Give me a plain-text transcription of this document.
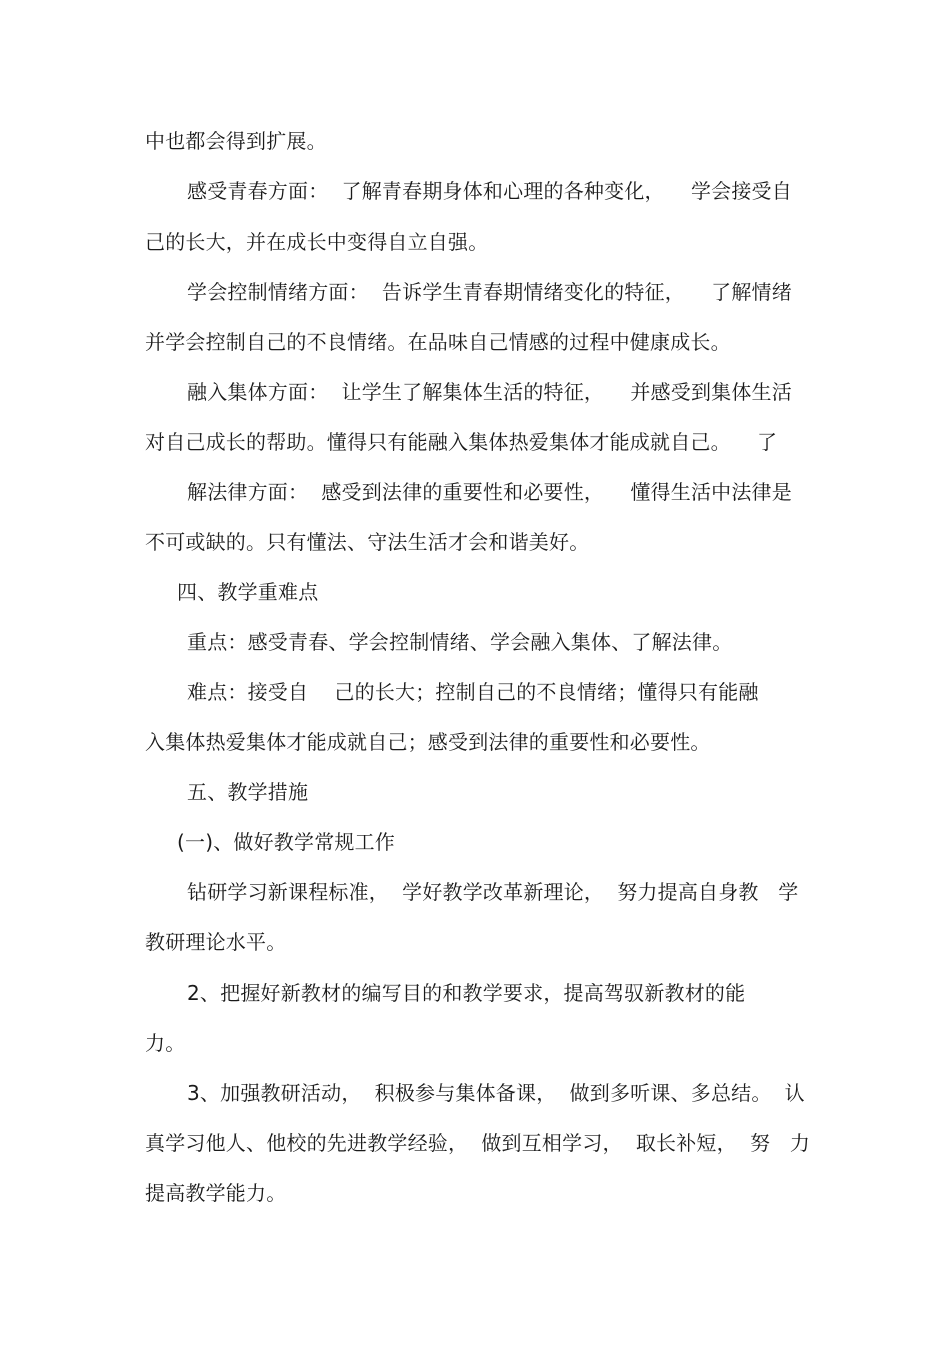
中也都会得到扩展。
感受青春方面：  了解青春期身体和心理的各种变化，    学会接受自
己的长大，并在成长中变得自立自强。
学会控制情绪方面：  告诉学生青春期情绪变化的特征，    了解情绪
并学会控制自己的不良情绪。在品味自己情感的过程中健康成长。
融入集体方面：  让学生了解集体生活的特征，    并感受到集体生活
对自己成长的帮助。懂得只有能融入集体热爱集体才能成就自己。    了
解法律方面：  感受到法律的重要性和必要性，    懂得生活中法律是
不可或缺的。只有懂法、守法生活才会和谐美好。
四、教学重难点
重点：感受青春、学会控制情绪、学会融入集体、了解法律。
难点：接受自    己的长大；控制自己的不良情绪；懂得只有能融
入集体热爱集体才能成就自己；感受到法律的重要性和必要性。
五、教学措施
(一)、做好教学常规工作
钻研学习新课程标准，  学好教学改革新理论，  努力提高自身教   学
教研理论水平。
2、把握好新教材的编写目的和教学要求，提高驾驭新教材的能
力。
3、加强教研活动，  积极参与集体备课，  做到多听课、多总结。  认
真学习他人、他校的先进教学经验，  做到互相学习，  取长补短，  努   力
提高教学能力。
